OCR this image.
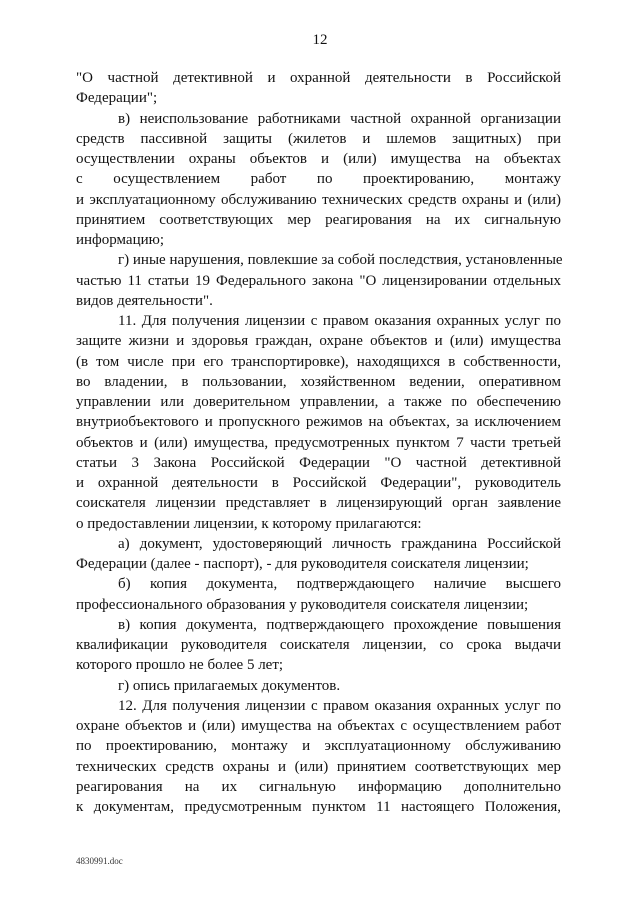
12
"О частной детективной и охранной деятельности в Российской
Федерации";
в) неиспользование работниками частной охранной организации
средств пассивной защиты (жилетов и шлемов защитных) при
осуществлении охраны объектов и (или) имущества на объектах
с осуществлением работ по проектированию, монтажу
и эксплуатационному обслуживанию технических средств охраны и (или)
принятием соответствующих мер реагирования на их сигнальную
информацию;
г) иные нарушения, повлекшие за собой последствия, установленные
частью 11 статьи 19 Федерального закона "О лицензировании отдельных
видов деятельности".
11. Для получения лицензии с правом оказания охранных услуг по
защите жизни и здоровья граждан, охране объектов и (или) имущества
(в том числе при его транспортировке), находящихся в собственности,
во владении, в пользовании, хозяйственном ведении, оперативном
управлении или доверительном управлении, а также по обеспечению
внутриобъектового и пропускного режимов на объектах, за исключением
объектов и (или) имущества, предусмотренных пунктом 7 части третьей
статьи 3 Закона Российской Федерации "О частной детективной
и охранной деятельности в Российской Федерации", руководитель
соискателя лицензии представляет в лицензирующий орган заявление
о предоставлении лицензии, к которому прилагаются:
а) документ, удостоверяющий личность гражданина Российской
Федерации (далее - паспорт), - для руководителя соискателя лицензии;
б) копия документа, подтверждающего наличие высшего
профессионального образования у руководителя соискателя лицензии;
в) копия документа, подтверждающего прохождение повышения
квалификации руководителя соискателя лицензии, со срока выдачи
которого прошло не более 5 лет;
г) опись прилагаемых документов.
12. Для получения лицензии с правом оказания охранных услуг по
охране объектов и (или) имущества на объектах с осуществлением работ
по проектированию, монтажу и эксплуатационному обслуживанию
технических средств охраны и (или) принятием соответствующих мер
реагирования на их сигнальную информацию дополнительно
к документам, предусмотренным пунктом 11 настоящего Положения,
4830991.doc
